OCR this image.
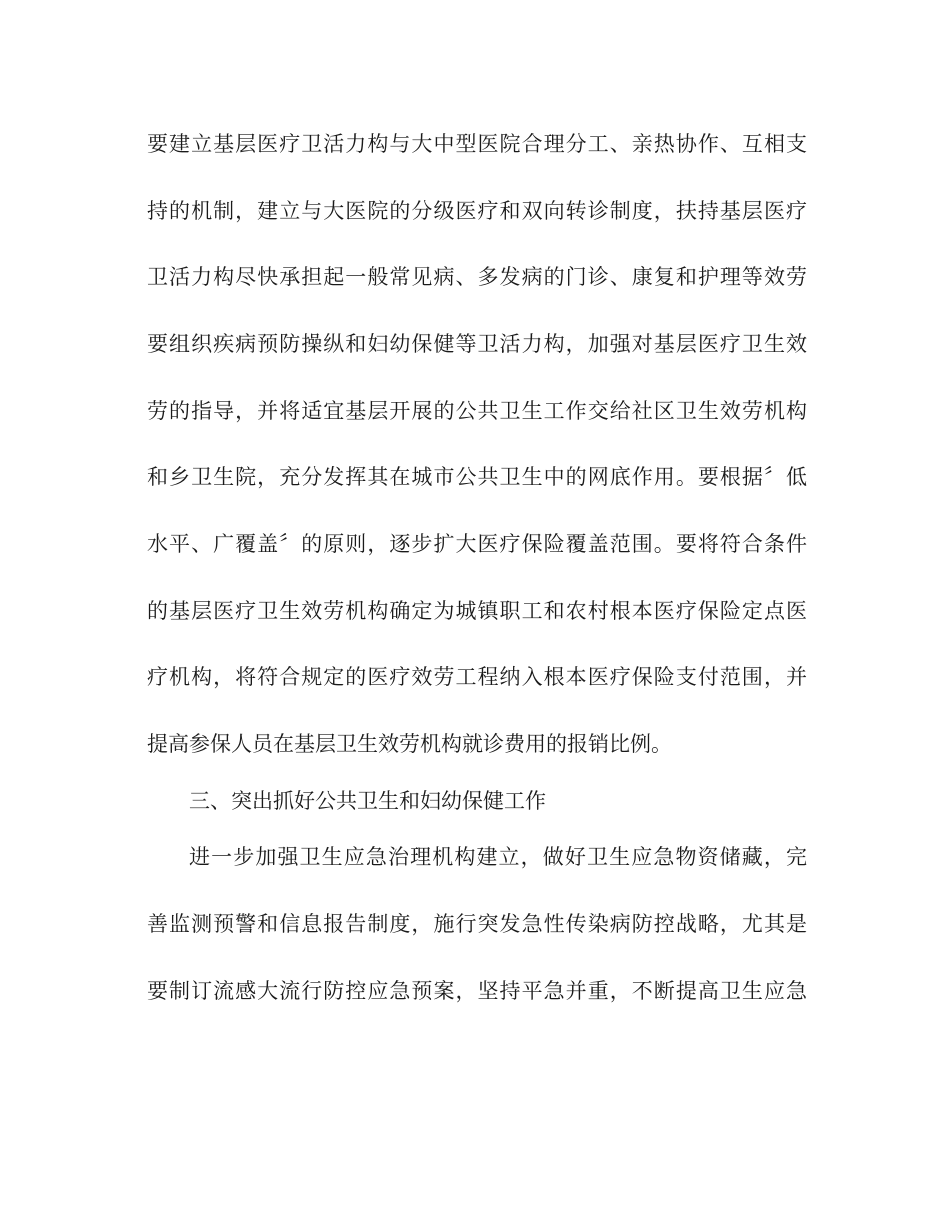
要建立基层医疗卫活力构与大中型医院合理分工、亲热协作、互相支
持的机制，建立与大医院的分级医疗和双向转诊制度，扶持基层医疗
卫活力构尽快承担起一般常见病、多发病的门诊、康复和护理等效劳
要组织疾病预防操纵和妇幼保健等卫活力构，加强对基层医疗卫生效
劳的指导，并将适宜基层开展的公共卫生工作交给社区卫生效劳机构
和乡卫生院，充分发挥其在城市公共卫生中的网底作用。要根据〞低
水平、广覆盖〞的原则，逐步扩大医疗保险覆盖范围。要将符合条件
的基层医疗卫生效劳机构确定为城镇职工和农村根本医疗保险定点医
疗机构，将符合规定的医疗效劳工程纳入根本医疗保险支付范围，并
提高参保人员在基层卫生效劳机构就诊费用的报销比例。
三、突出抓好公共卫生和妇幼保健工作
进一步加强卫生应急治理机构建立，做好卫生应急物资储藏，完
善监测预警和信息报告制度，施行突发急性传染病防控战略，尤其是
要制订流感大流行防控应急预案，坚持平急并重，不断提高卫生应急
